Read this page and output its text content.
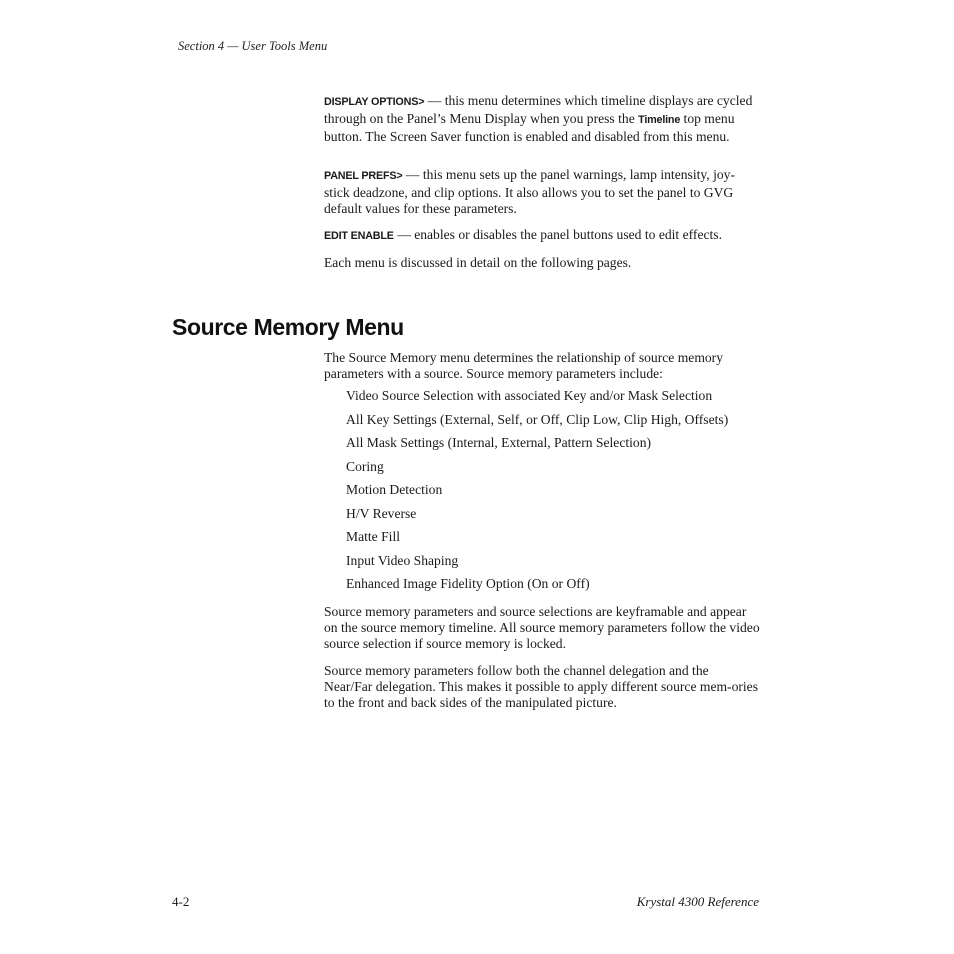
Section 4 — User Tools Menu

DISPLAY OPTIONS> — this menu determines which timeline displays are cycled through on the Panel’s Menu Display when you press the Timeline top menu button. The Screen Saver function is enabled and disabled from this menu.

PANEL PREFS> — this menu sets up the panel warnings, lamp intensity, joy-stick deadzone, and clip options. It also allows you to set the panel to GVG default values for these parameters.

EDIT ENABLE — enables or disables the panel buttons used to edit effects.

Each menu is discussed in detail on the following pages.

Source Memory Menu

The Source Memory menu determines the relationship of source memory parameters with a source. Source memory parameters include:

Source memory parameters and source selections are keyframable and appear on the source memory timeline. All source memory parameters follow the video source selection if source memory is locked.

Source memory parameters follow both the channel delegation and the Near/Far delegation. This makes it possible to apply different source mem-ories to the front and back sides of the manipulated picture.

Video Source Selection with associated Key and/or Mask Selection
All Key Settings (External, Self, or Off, Clip Low, Clip High, Offsets)
All Mask Settings (Internal, External, Pattern Selection)
Coring
Motion Detection
H/V Reverse
Matte Fill
Input Video Shaping
Enhanced Image Fidelity Option (On or Off)
4-2	Krystal 4300 Reference
